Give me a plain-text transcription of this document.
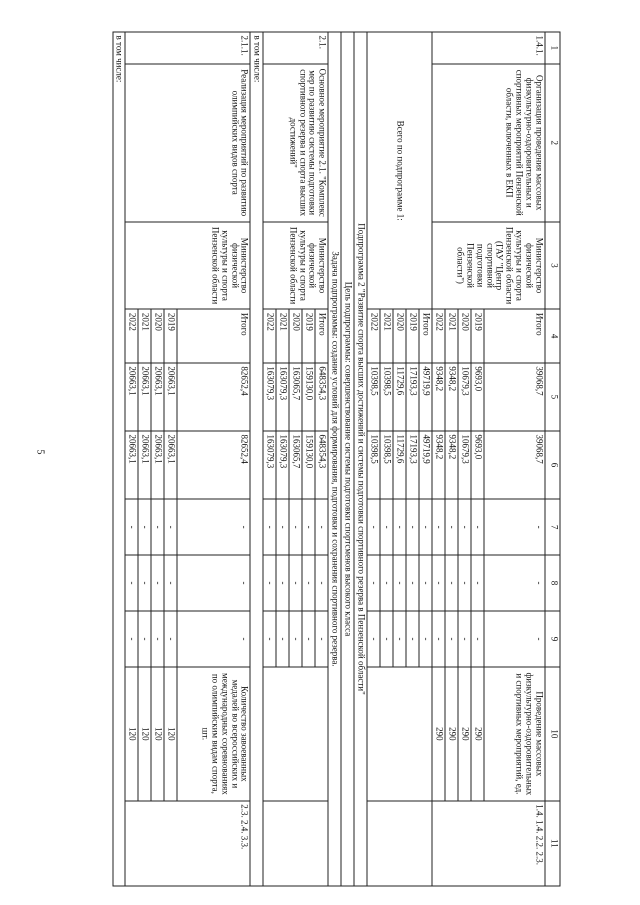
5
1	2	3	4	5	6	7	8	9	10	11
1.4.1.	Организация проведения массовых физкультурно-оздоровительных и спортивных мероприятий Пензенской области, включенных в ЕКП	Министерство физической культуры и спорта Пензенской области (ГАУ "Центр спортивной подготовки Пензенской области")	Итого	39068,7	39068,7	-	-	-	Проведение массовых физкультурно-оздоровительных и спортивных мероприятий, ед.	1.4. 1.4. 2.2. 2.3.
			2019	9693,0	9693,0	-	-	-	290	
			2020	10679,3	10679,3	-	-	-	290	
			2021	9348,2	9348,2	-	-	-	290	
			2022	9348,2	9348,2	-	-	-	290	
Всего по подпрограмме 1:			Итого	49719,9	49719,9	-	-	-		
			2019	17193,3	17193,3	-	-	-		
			2020	11729,6	11729,6	-	-	-		
			2021	10398,5	10398,5	-	-	-		
			2022	10398,5	10398,5	-	-	-		
Подпрограмма 2 "Развитие спорта высших достижений и системы подготовки спортивного резерва в Пензенской области"										
Цель подпрограммы: совершенствование системы подготовки спортсменов высокого класса										
Задача подпрограммы: создание условий для формирования, подготовки и сохранения спортивного резерва.										
2.1.	Основное мероприятие 2.1. "Комплекс мер по развитию системы подготовки спортивного резерва и спорта высших достижений"	Министерство физической культуры и спорта Пензенской области	Итого	648354,3	648354,3	-	-	-		
			2019	159130,0	159130,0	-	-	-		
			2020	163065,7	163065,7	-	-	-		
			2021	163079,3	163079,3	-	-	-		
			2022	163079,3	163079,3	-	-	-		
в том числе:										
2.1.1.	Реализация мероприятий по развитию олимпийских видов спорта	Министерство физической культуры и спорта Пензенской области	Итого	82652,4	82652,4	-	-	-	Количество завоеванных медалей во всероссийских и международных соревнованиях по олимпийским видам спорта, шт.	2.3. 2.4. 3.3.
			2019	20663,1	20663,1	-	-	-	120	
			2020	20663,1	20663,1	-	-	-	120	
			2021	20663,1	20663,1	-	-	-	120	
			2022	20663,1	20663,1	-	-	-	120	
в том числе:										
